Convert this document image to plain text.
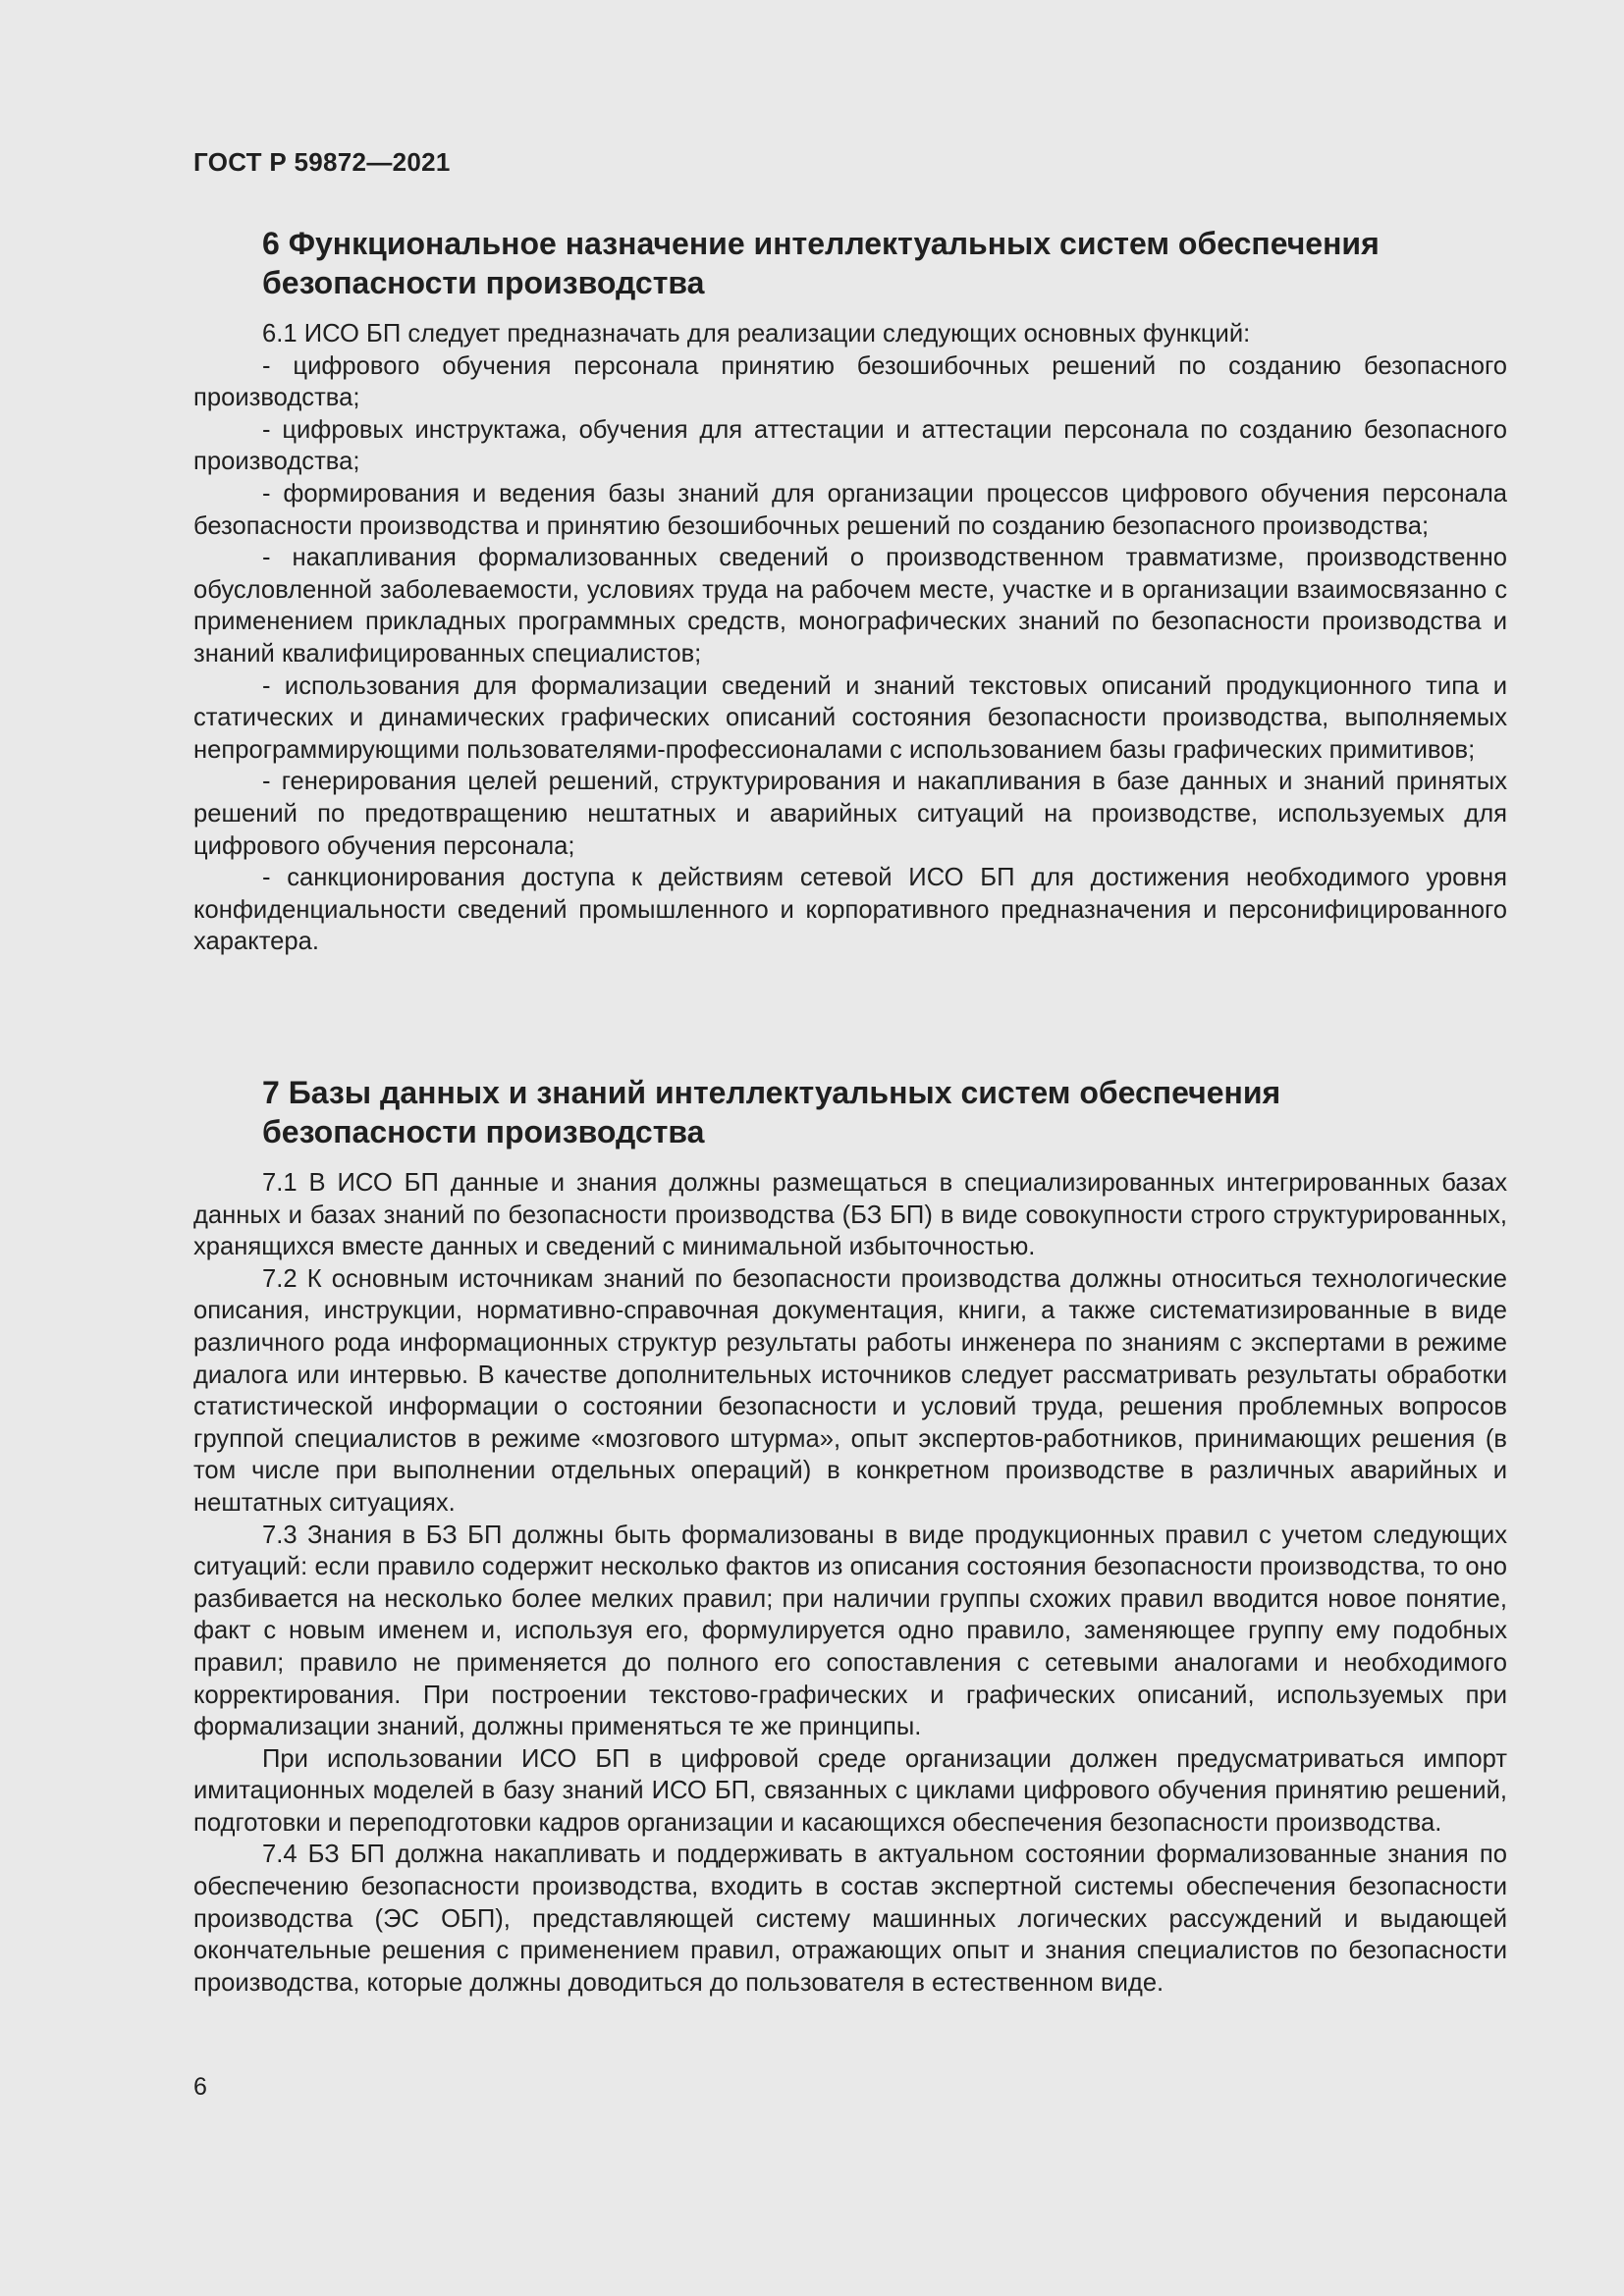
ГОСТ Р 59872—2021
6 Функциональное назначение интеллектуальных систем обеспечения
безопасности производства

6.1 ИСО БП следует предназначать для реализации следующих основных функций:

- цифрового обучения персонала принятию безошибочных решений по созданию безопасного производства;

- цифровых инструктажа, обучения для аттестации и аттестации персонала по созданию безопасного производства;

- формирования и ведения базы знаний для организации процессов цифрового обучения персонала безопасности производства и принятию безошибочных решений по созданию безопасного производства;

- накапливания формализованных сведений о производственном травматизме, производственно обусловленной заболеваемости, условиях труда на рабочем месте, участке и в организации взаимосвязанно с применением прикладных программных средств, монографических знаний по безопасности производства и знаний квалифицированных специалистов;

- использования для формализации сведений и знаний текстовых описаний продукционного типа и статических и динамических графических описаний состояния безопасности производства, выполняемых непрограммирующими пользователями-профессионалами с использованием базы графических примитивов;

- генерирования целей решений, структурирования и накапливания в базе данных и знаний принятых решений по предотвращению нештатных и аварийных ситуаций на производстве, используемых для цифрового обучения персонала;

- санкционирования доступа к действиям сетевой ИСО БП для достижения необходимого уровня конфиденциальности сведений промышленного и корпоративного предназначения и персонифицированного характера.

7 Базы данных и знаний интеллектуальных систем обеспечения
безопасности производства

7.1 В ИСО БП данные и знания должны размещаться в специализированных интегрированных базах данных и базах знаний по безопасности производства (БЗ БП) в виде совокупности строго структурированных, хранящихся вместе данных и сведений с минимальной избыточностью.

7.2 К основным источникам знаний по безопасности производства должны относиться технологические описания, инструкции, нормативно-справочная документация, книги, а также систематизированные в виде различного рода информационных структур результаты работы инженера по знаниям с экспертами в режиме диалога или интервью. В качестве дополнительных источников следует рассматривать результаты обработки статистической информации о состоянии безопасности и условий труда, решения проблемных вопросов группой специалистов в режиме «мозгового штурма», опыт экспертов-работников, принимающих решения (в том числе при выполнении отдельных операций) в конкретном производстве в различных аварийных и нештатных ситуациях.

7.3 Знания в БЗ БП должны быть формализованы в виде продукционных правил с учетом следующих ситуаций: если правило содержит несколько фактов из описания состояния безопасности производства, то оно разбивается на несколько более мелких правил; при наличии группы схожих правил вводится новое понятие, факт с новым именем и, используя его, формулируется одно правило, заменяющее группу ему подобных правил; правило не применяется до полного его сопоставления с сетевыми аналогами и необходимого корректирования. При построении текстово-графических и графических описаний, используемых при формализации знаний, должны применяться те же принципы.

При использовании ИСО БП в цифровой среде организации должен предусматриваться импорт имитационных моделей в базу знаний ИСО БП, связанных с циклами цифрового обучения принятию решений, подготовки и переподготовки кадров организации и касающихся обеспечения безопасности производства.

7.4 БЗ БП должна накапливать и поддерживать в актуальном состоянии формализованные знания по обеспечению безопасности производства, входить в состав экспертной системы обеспечения безопасности производства (ЭС ОБП), представляющей систему машинных логических рассуждений и выдающей окончательные решения с применением правил, отражающих опыт и знания специалистов по безопасности производства, которые должны доводиться до пользователя в естественном виде.

6
